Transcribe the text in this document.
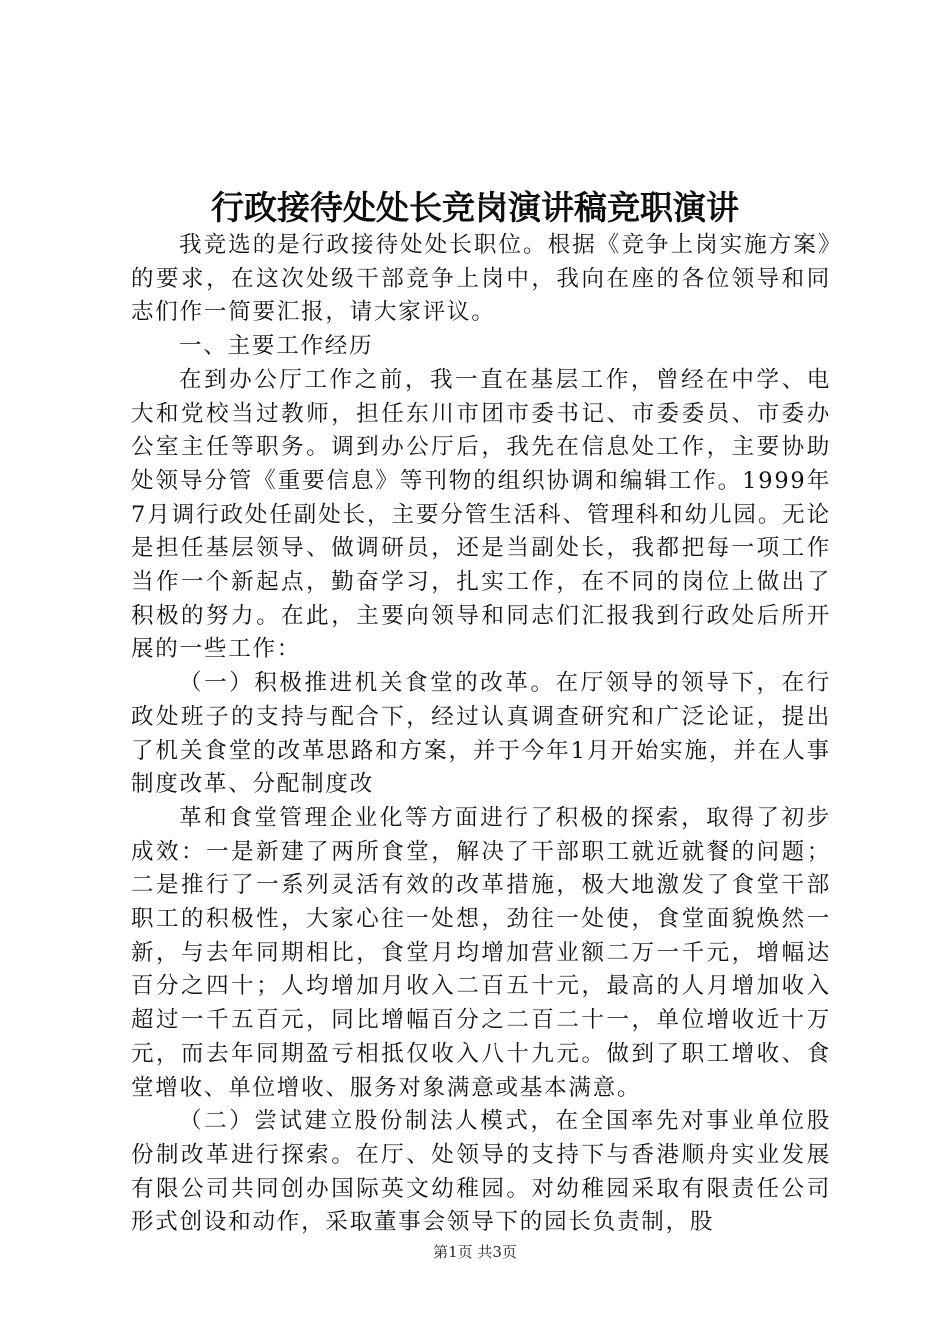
行政接待处处长竞岗演讲稿竞职演讲

我竞选的是行政接待处处长职位。根据《竞争上岗实施方案》的要求，在这次处级干部竞争上岗中，我向在座的各位领导和同志们作一简要汇报，请大家评议。

一、主要工作经历

在到办公厅工作之前，我一直在基层工作，曾经在中学、电大和党校当过教师，担任东川市团市委书记、市委委员、市委办公室主任等职务。调到办公厅后，我先在信息处工作，主要协助处领导分管《重要信息》等刊物的组织协调和编辑工作。1999年7月调行政处任副处长，主要分管生活科、管理科和幼儿园。无论是担任基层领导、做调研员，还是当副处长，我都把每一项工作当作一个新起点，勤奋学习，扎实工作，在不同的岗位上做出了积极的努力。在此，主要向领导和同志们汇报我到行政处后所开展的一些工作：

（一）积极推进机关食堂的改革。在厅领导的领导下，在行政处班子的支持与配合下，经过认真调查研究和广泛论证，提出了机关食堂的改革思路和方案，并于今年1月开始实施，并在人事制度改革、分配制度改

革和食堂管理企业化等方面进行了积极的探索，取得了初步成效：一是新建了两所食堂，解决了干部职工就近就餐的问题；二是推行了一系列灵活有效的改革措施，极大地激发了食堂干部职工的积极性，大家心往一处想，劲往一处使，食堂面貌焕然一新，与去年同期相比，食堂月均增加营业额二万一千元，增幅达百分之四十；人均增加月收入二百五十元，最高的人月增加收入超过一千五百元，同比增幅百分之二百二十一，单位增收近十万元，而去年同期盈亏相抵仅收入八十九元。做到了职工增收、食堂增收、单位增收、服务对象满意或基本满意。

（二）尝试建立股份制法人模式，在全国率先对事业单位股份制改革进行探索。在厅、处领导的支持下与香港顺舟实业发展有限公司共同创办国际英文幼稚园。对幼稚园采取有限责任公司形式创设和动作，采取董事会领导下的园长负责制，股

第1页 共3页
